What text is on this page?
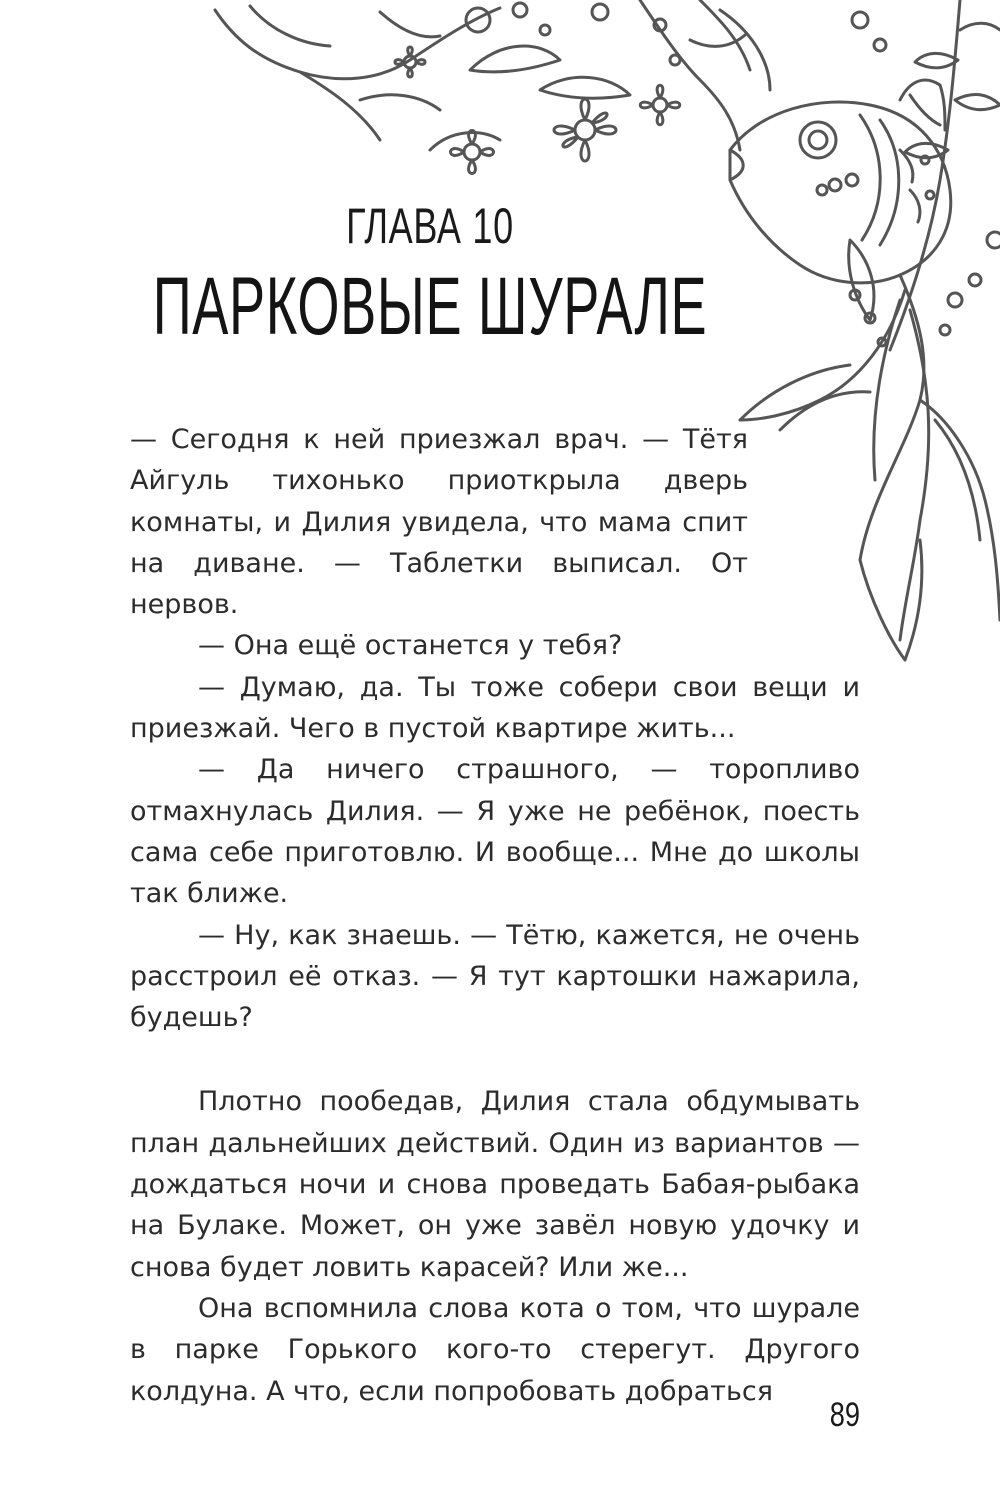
ГЛАВА 10
ПАРКОВЫЕ ШУРАЛЕ

— Сегодня к ней приезжал врач. — Тётя Айгуль тихонько приоткрыла дверь комнаты, и Дилия увидела, что мама спит на диване. — Таблетки выписал. От нервов.

— Она ещё останется у тебя?

— Думаю, да. Ты тоже собери свои вещи и приезжай. Чего в пустой квартире жить...

— Да ничего страшного, — торопливо отмахнулась Дилия. — Я уже не ребёнок, поесть сама себе приготовлю. И вообще... Мне до школы так ближе.

— Ну, как знаешь. — Тётю, кажется, не очень расстроил её отказ. — Я тут картошки нажарила, будешь?

Плотно пообедав, Дилия стала обдумывать план дальнейших действий. Один из вариантов — дождаться ночи и снова проведать Бабая-рыбака на Булаке. Может, он уже завёл новую удочку и снова будет ловить карасей? Или же...

Она вспомнила слова кота о том, что шурале в парке Горького кого-то стерегут. Другого колдуна. А что, если попробовать добраться

89
